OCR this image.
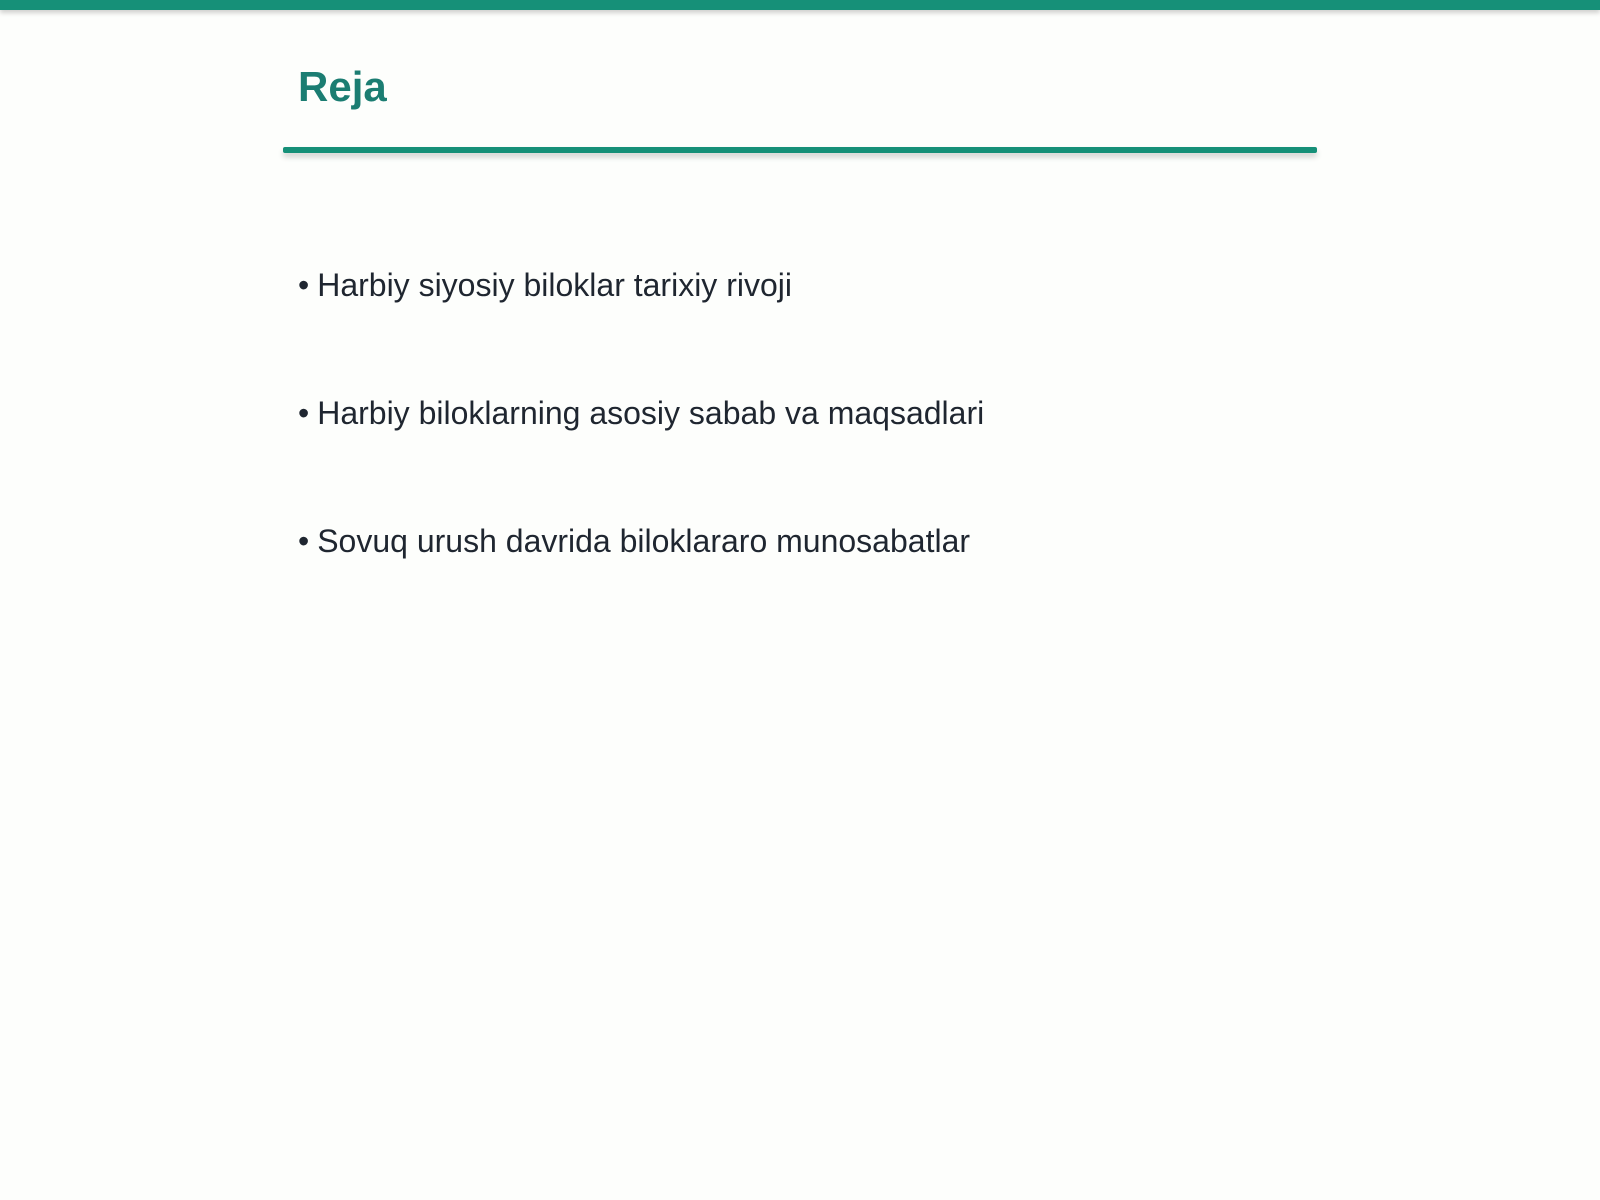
Reja
• Harbiy siyosiy biloklar tarixiy rivoji
• Harbiy biloklarning asosiy sabab va maqsadlari
• Sovuq urush davrida biloklararo munosabatlar
